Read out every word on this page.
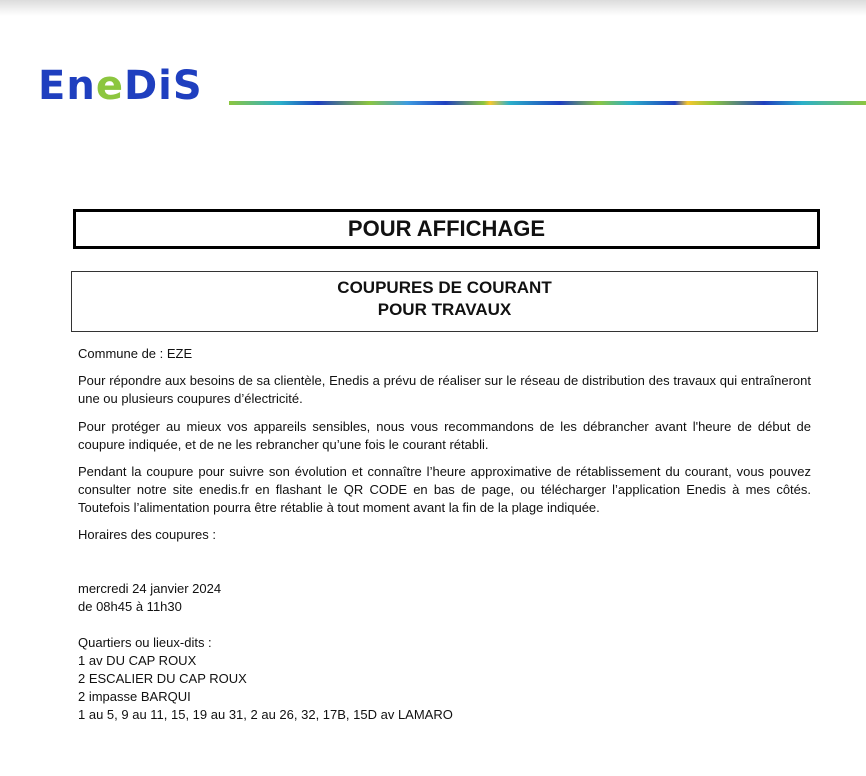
EneDiS
POUR AFFICHAGE
COUPURES DE COURANT
POUR TRAVAUX
Commune de : EZE

Pour répondre aux besoins de sa clientèle, Enedis a prévu de réaliser sur le réseau de distribution des travaux qui entraîneront une ou plusieurs coupures d’électricité.

Pour protéger au mieux vos appareils sensibles, nous vous recommandons de les débrancher avant l'heure de début de coupure indiquée, et de ne les rebrancher qu’une fois le courant rétabli.

Pendant la coupure pour suivre son évolution et connaître l’heure approximative de rétablissement du courant, vous pouvez consulter notre site enedis.fr en flashant le QR CODE en bas de page, ou télécharger l’application Enedis à mes côtés. Toutefois l’alimentation pourra être rétablie à tout moment avant la fin de la plage indiquée.

Horaires des coupures :
mercredi 24 janvier 2024
de 08h45 à 11h30
Quartiers ou lieux-dits :

1 av DU CAP ROUX

2 ESCALIER DU CAP ROUX

2 impasse BARQUI

1 au 5, 9 au 11, 15, 19 au 31, 2 au 26, 32, 17B, 15D av LAMARO
